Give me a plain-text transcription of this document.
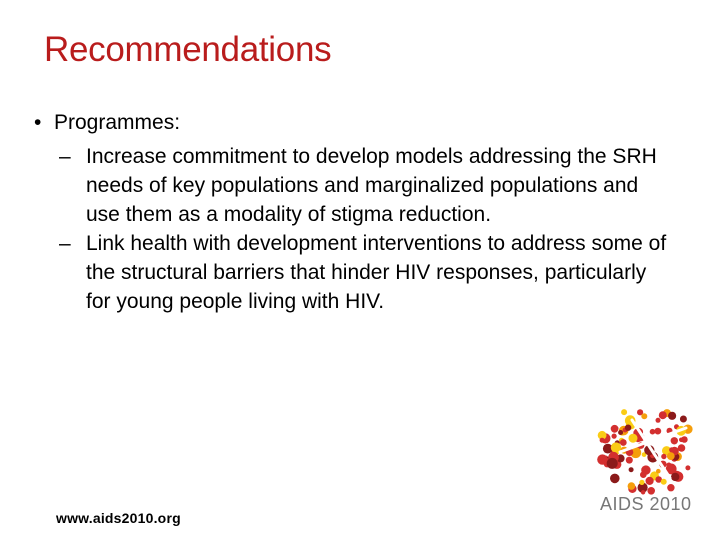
Recommendations
• Programmes:
– Increase commitment to develop models addressing the SRH needs of key populations and marginalized populations and use them as a modality of stigma reduction.
– Link health with development interventions to address some of the structural barriers that hinder HIV responses, particularly for young people living with HIV.
www.aids2010.org
AIDS 2010
